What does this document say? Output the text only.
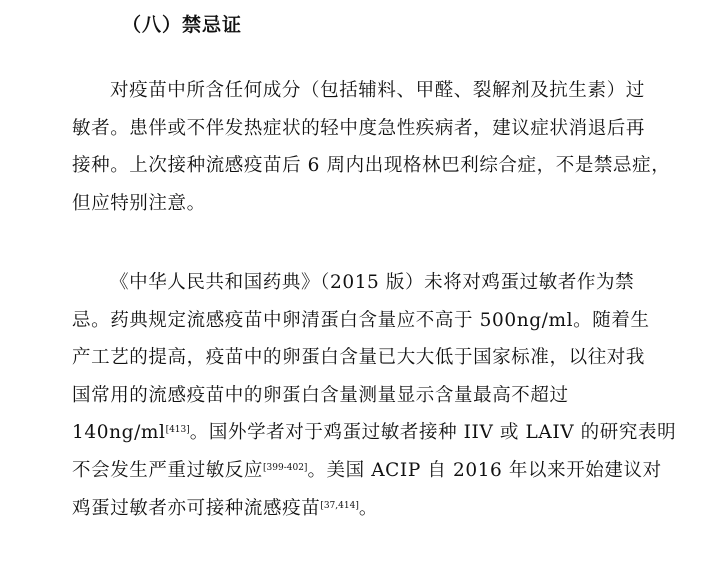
（八）禁忌证
对疫苗中所含任何成分（包括辅料、甲醛、裂解剂及抗生素）过
敏者。患伴或不伴发热症状的轻中度急性疾病者，建议症状消退后再
接种。上次接种流感疫苗后 6 周内出现格林巴利综合症，不是禁忌症，
但应特别注意。
《中华人民共和国药典》（2015 版）未将对鸡蛋过敏者作为禁
忌。药典规定流感疫苗中卵清蛋白含量应不高于 500ng/ml。随着生
产工艺的提高，疫苗中的卵蛋白含量已大大低于国家标准，以往对我
国常用的流感疫苗中的卵蛋白含量测量显示含量最高不超过
140ng/ml[413]。国外学者对于鸡蛋过敏者接种 IIV 或 LAIV 的研究表明
不会发生严重过敏反应[399-402]。美国 ACIP 自 2016 年以来开始建议对
鸡蛋过敏者亦可接种流感疫苗[37,414]。
